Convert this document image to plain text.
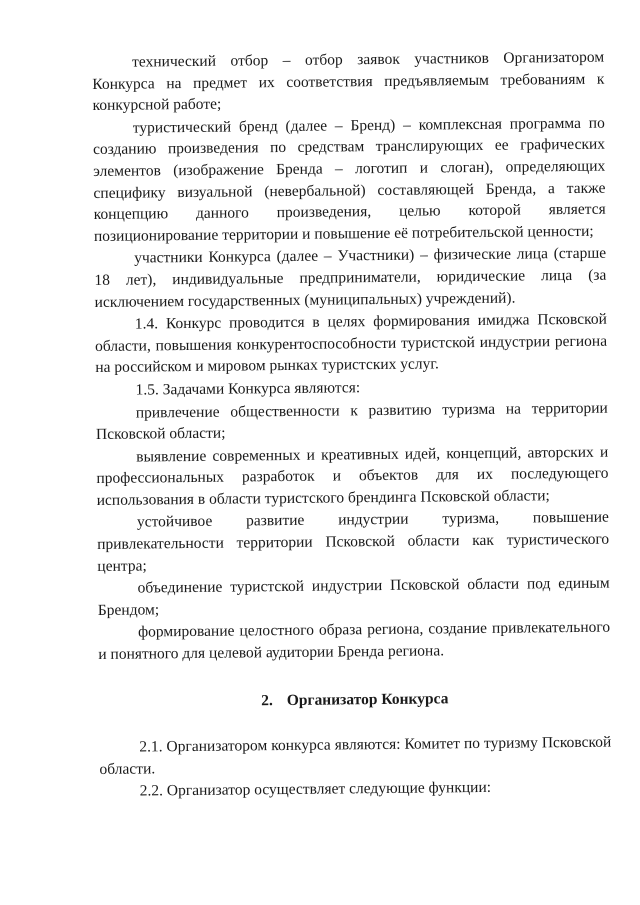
технический отбор – отбор заявок участников Организатором Конкурса на предмет их соответствия предъявляемым требованиям к конкурсной работе;

туристический бренд (далее – Бренд) – комплексная программа по созданию произведения по средствам транслирующих ее графических элементов (изображение Бренда – логотип и слоган), определяющих специфику визуальной (невербальной) составляющей Бренда, а также концепцию данного произведения, целью которой является позиционирование территории и повышение её потребительской ценности;

участники Конкурса (далее – Участники) – физические лица (старше 18 лет), индивидуальные предприниматели, юридические лица (за исключением государственных (муниципальных) учреждений).

1.4. Конкурс проводится в целях формирования имиджа Псковской области, повышения конкурентоспособности туристской индустрии региона на российском и мировом рынках туристских услуг.

1.5. Задачами Конкурса являются:

привлечение общественности к развитию туризма на территории Псковской области;

выявление современных и креативных идей, концепций, авторских и профессиональных разработок и объектов для их последующего использования в области туристского брендинга Псковской области;

устойчивое развитие индустрии туризма, повышение привлекательности территории Псковской области как туристического центра;

объединение туристской индустрии Псковской области под единым Брендом;

формирование целостного образа региона, создание привлекательного и понятного для целевой аудитории Бренда региона.

2. Организатор Конкурса

2.1. Организатором конкурса являются: Комитет по туризму Псковской области.

2.2. Организатор осуществляет следующие функции:
